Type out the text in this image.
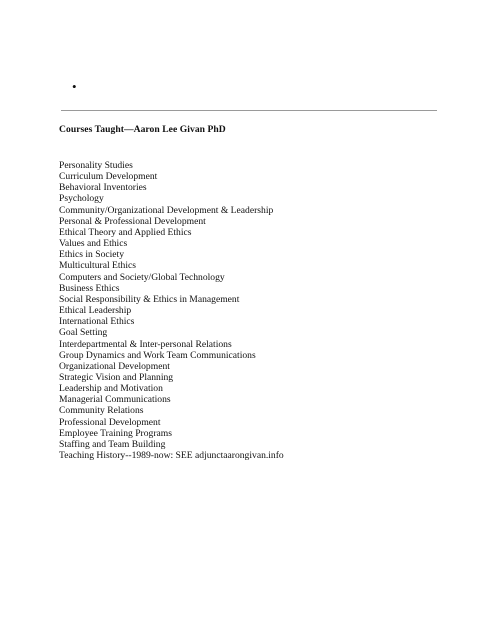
•
Courses Taught—Aaron Lee Givan PhD
Personality Studies
Curriculum Development
Behavioral Inventories
Psychology
Community/Organizational Development & Leadership
Personal & Professional Development
Ethical Theory and Applied Ethics
Values and Ethics
Ethics in Society
Multicultural Ethics
Computers and Society/Global Technology
Business Ethics
Social Responsibility & Ethics in Management
Ethical Leadership
International Ethics
Goal Setting
Interdepartmental & Inter-personal Relations
Group Dynamics and Work Team Communications
Organizational Development
Strategic Vision and Planning
Leadership and Motivation
Managerial Communications
Community Relations
Professional Development
Employee Training Programs
Staffing and Team Building
Teaching History--1989-now: SEE adjunctaarongivan.info
